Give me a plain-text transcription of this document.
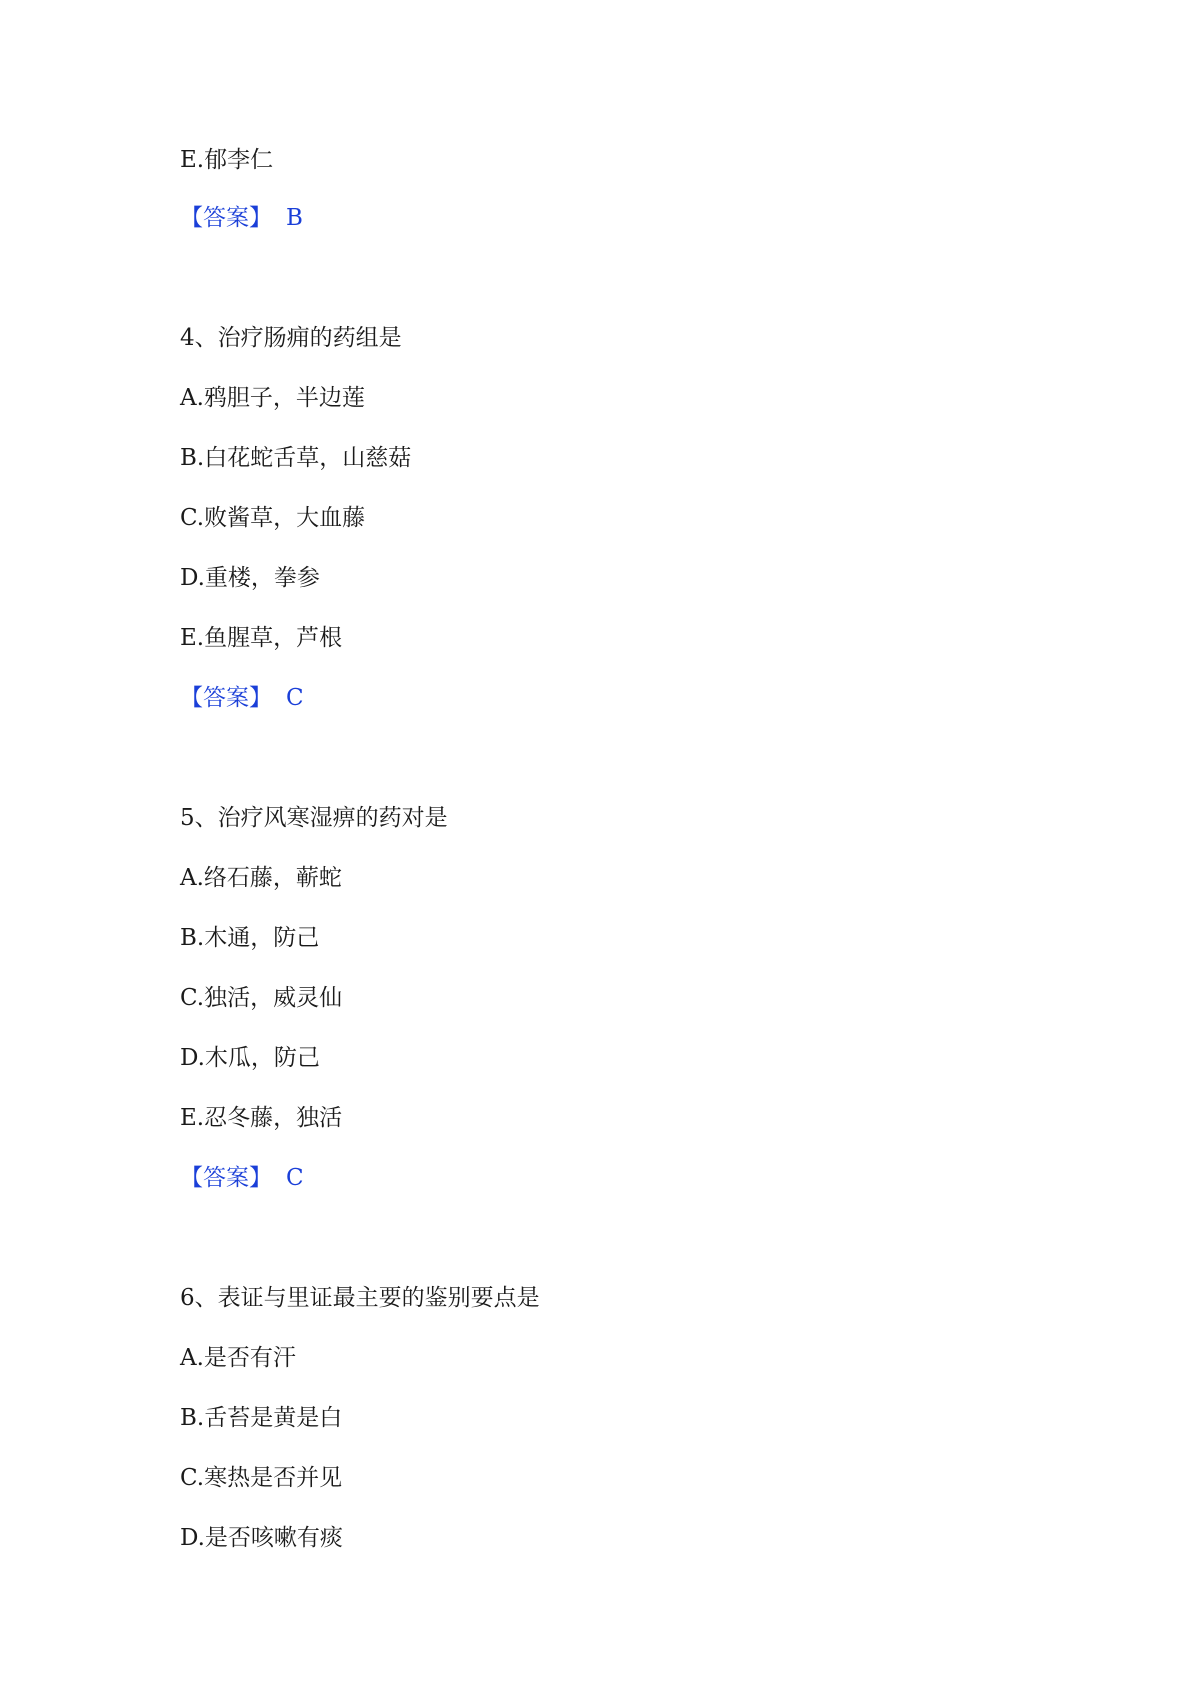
E.郁李仁
【答案】 B
4、治疗肠痈的药组是
A.鸦胆子，半边莲
B.白花蛇舌草，山慈菇
C.败酱草，大血藤
D.重楼，拳参
E.鱼腥草，芦根
【答案】 C
5、治疗风寒湿痹的药对是
A.络石藤，蕲蛇
B.木通，防己
C.独活，威灵仙
D.木瓜，防己
E.忍冬藤，独活
【答案】 C
6、表证与里证最主要的鉴别要点是
A.是否有汗
B.舌苔是黄是白
C.寒热是否并见
D.是否咳嗽有痰
